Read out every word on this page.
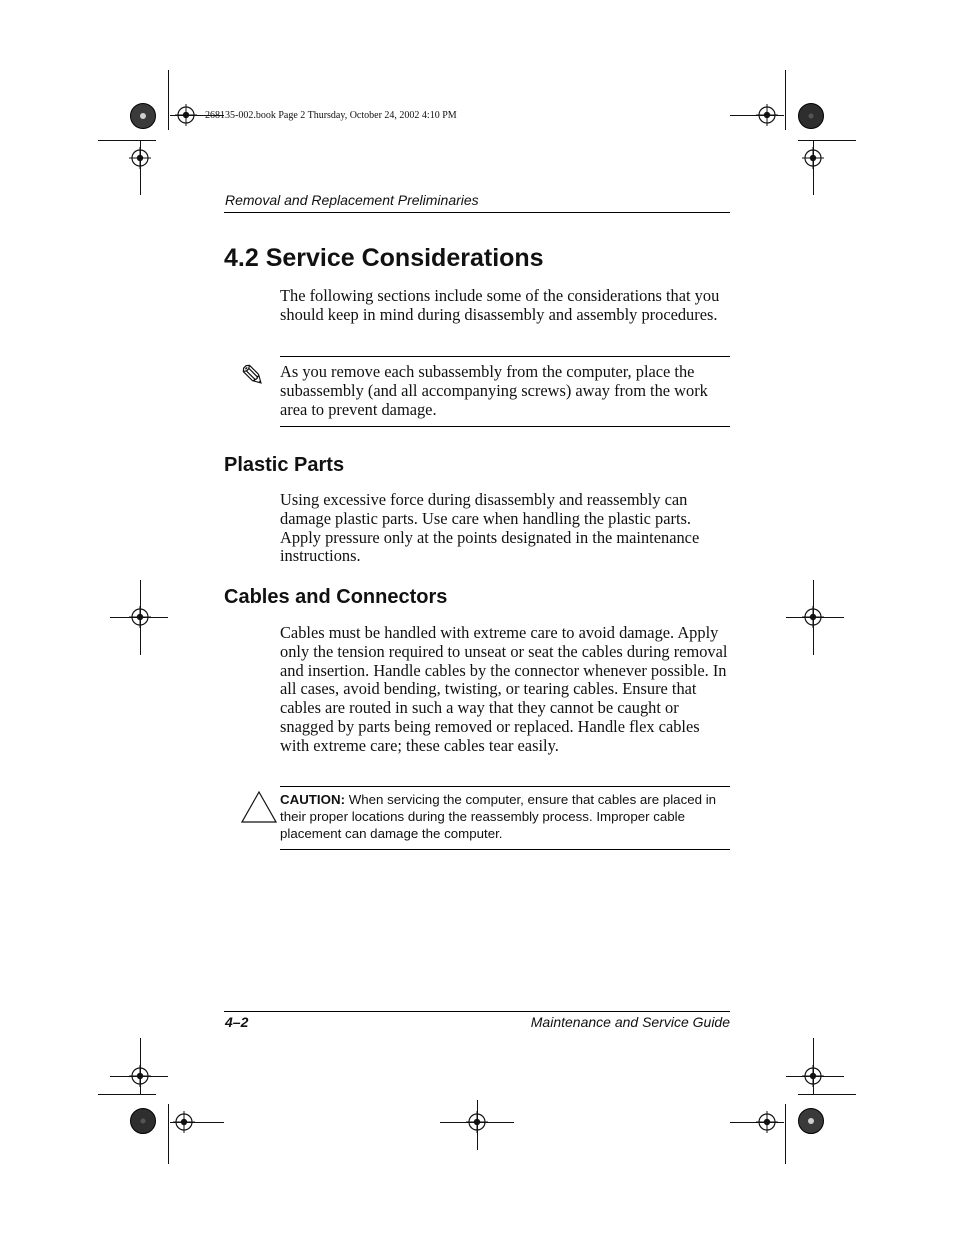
268135-002.book Page 2 Thursday, October 24, 2002 4:10 PM
Removal and Replacement Preliminaries
4.2 Service Considerations
The following sections include some of the considerations that you should keep in mind during disassembly and assembly procedures.
✎ As you remove each subassembly from the computer, place the subassembly (and all accompanying screws) away from the work area to prevent damage.
Plastic Parts
Using excessive force during disassembly and reassembly can damage plastic parts. Use care when handling the plastic parts. Apply pressure only at the points designated in the maintenance instructions.
Cables and Connectors
Cables must be handled with extreme care to avoid damage. Apply only the tension required to unseat or seat the cables during removal and insertion. Handle cables by the connector whenever possible. In all cases, avoid bending, twisting, or tearing cables. Ensure that cables are routed in such a way that they cannot be caught or snagged by parts being removed or replaced. Handle flex cables with extreme care; these cables tear easily.
CAUTION: When servicing the computer, ensure that cables are placed in their proper locations during the reassembly process. Improper cable placement can damage the computer.
4–2	Maintenance and Service Guide
